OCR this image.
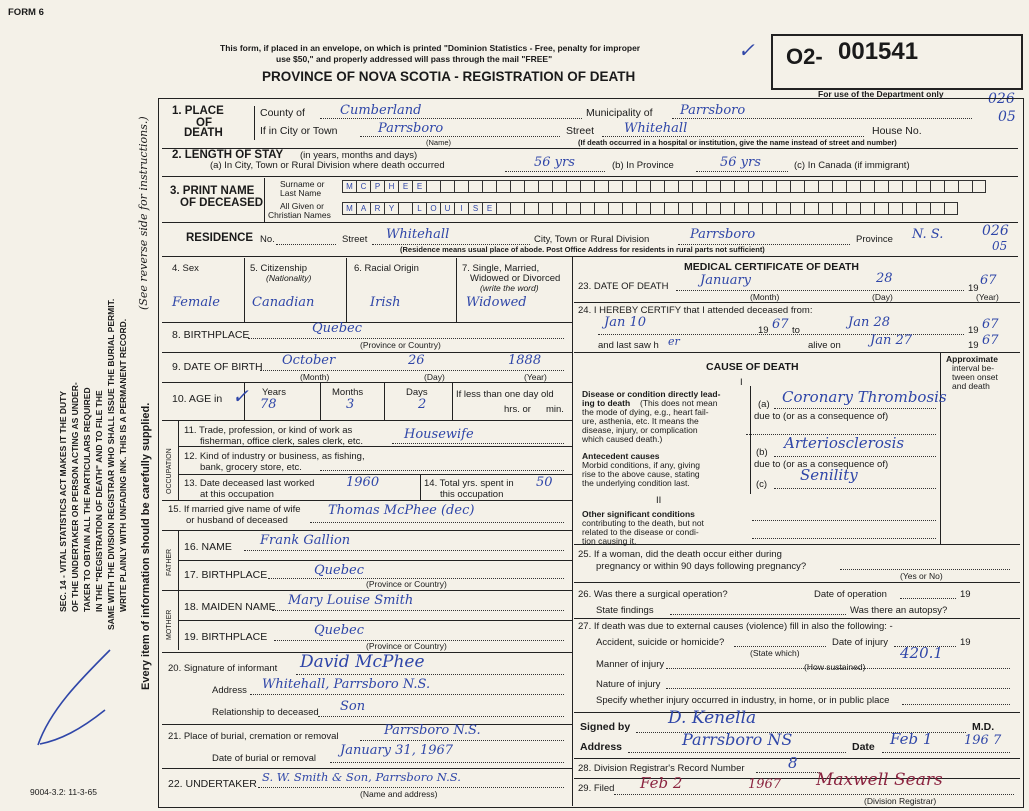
FORM 6
This form, if placed in an envelope, on which is printed "Dominion Statistics - Free, penalty for improper
use $50," and properly addressed will pass through the mail "FREE"
PROVINCE OF NOVA SCOTIA - REGISTRATION OF DEATH
✓ O2- 001541
For use of the Department only	026
05
SEC. 14 - VITAL STATISTICS ACT MAKES IT THE DUTY OF THE UNDERTAKER OR PERSON ACTING AS UNDER- TAKER TO OBTAIN ALL THE PARTICULARS REQUIRED IN THE "REGISTRATION OF DEATH" AND TO FILE THE SAME WITH THE DIVISION REGISTRAR WHO SHALL ISSUE THE BURIAL PERMIT. WRITE PLAINLY WITH UNFADING INK. THIS IS A PERMANENT RECORD.
(See reverse side for instructions.)
Every item of information should be carefully supplied.
1. PLACE
OF
DEATH
County of	Cumberland	Municipality of Parrsboro
If in City or Town	Parrsboro
(Name)
Street Whitehall	House No.
(If death occurred in a hospital or institution, give the name instead of street and number)
2. LENGTH OF STAY (in years, months and days)
(a) In City, Town or Rural Division where death occurred	56 yrs	(b) In Province	56 yrs	(c) In Canada (if immigrant)
3. PRINT NAME
OF DECEASED
Surname or
Last Name
M C	P	H	E	E
All Given or
Christian Names
M	A	R	Y	L	O	U	I	S	E
RESIDENCE No.	Street Whitehall	City, Town or Rural Division	Parrsboro	Province N. S.	026
05
(Residence means usual place of abode. Post Office Address for residents in rural parts not sufficient)
4. Sex
Female
5. Citizenship
(Nationality)
Canadian
6. Racial Origin
Irish
7. Single, Married,
Widowed or Divorced
(write the word)
Widowed
8. BIRTHPLACE	Quebec
(Province or Country)
9. DATE OF BIRTH October	26	1888
(Month)	(Day)	(Year)
10. AGE in ✓ Years
78
Months
3
Days
2
If less than one day old
hrs. or min.
OCCUPATION
11. Trade, profession, or kind of work as
fisherman, office clerk, sales clerk, etc.	Housewife
12. Kind of industry or business, as fishing,
bank, grocery store, etc.
13. Date deceased last worked
at this occupation
1960	14. Total yrs. spent in
this occupation
50
15. If married give name of wife
or husband of deceased
Thomas McPhee (dec)
FATHER
16. NAME Frank Gallion
17. BIRTHPLACE	Quebec
(Province or Country)
MOTHER
18. MAIDEN NAME Mary Louise Smith
19. BIRTHPLACE	Quebec
(Province or Country)
20. Signature of informant David McPhee
Address Whitehall, Parrsboro N.S.
Relationship to deceased Son
21. Place of burial, cremation or removal	Parrsboro N.S.
Date of burial or removal
January 31, 1967
22. UNDERTAKER S. W. Smith & Son, Parrsboro N.S.
(Name and address)
9004-3.2: 11-3-65
MEDICAL CERTIFICATE OF DEATH
23. DATE OF DEATH January	28
19
67
(Month)	(Day)	(Year)
24. I HEREBY CERTIFY that I attended deceased from:
Jan 10
19 67 to
Jan 28
19 67
and last saw h er	alive on Jan 27	19 67
CAUSE OF DEATH
Approximate
interval be-
tween onset
and death
I
Disease or condition directly lead-
ing to death (This does not mean
the mode of dying, e.g., heart fail-
ure, asthenia, etc. It means the
disease, injury, or complication
which caused death.)
(a) Coronary Thrombosis
due to (or as a consequence of)
Antecedent causes
Morbid conditions, if any, giving
rise to the above cause, stating
the underlying condition last.
(b)
Arteriosclerosis
due to (or as a consequence of)
(c)
Senility
II
Other significant conditions
contributing to the death, but not
related to the disease or condi-
tion causing it.
25. If a woman, did the death occur either during
pregnancy or within 90 days following pregnancy?
(Yes or No)
26. Was there a surgical operation?	Date of operation	19
State findings	Was there an autopsy?
27. If death was due to external causes (violence) fill in also the following: -
Accident, suicide or homicide?	Date of injury	19
(State which)
Manner of injury
420.1
(How sustained)
Nature of injury
Specify whether injury occurred in industry, in home, or in public place
Signed by D. Kenella	M.D.
Address	Parrsboro NS	Date Feb 1 196 7
28. Division Registrar's Record Number	8
29. Filed Feb 2	1967 Maxwell Sears
(Division Registrar)
